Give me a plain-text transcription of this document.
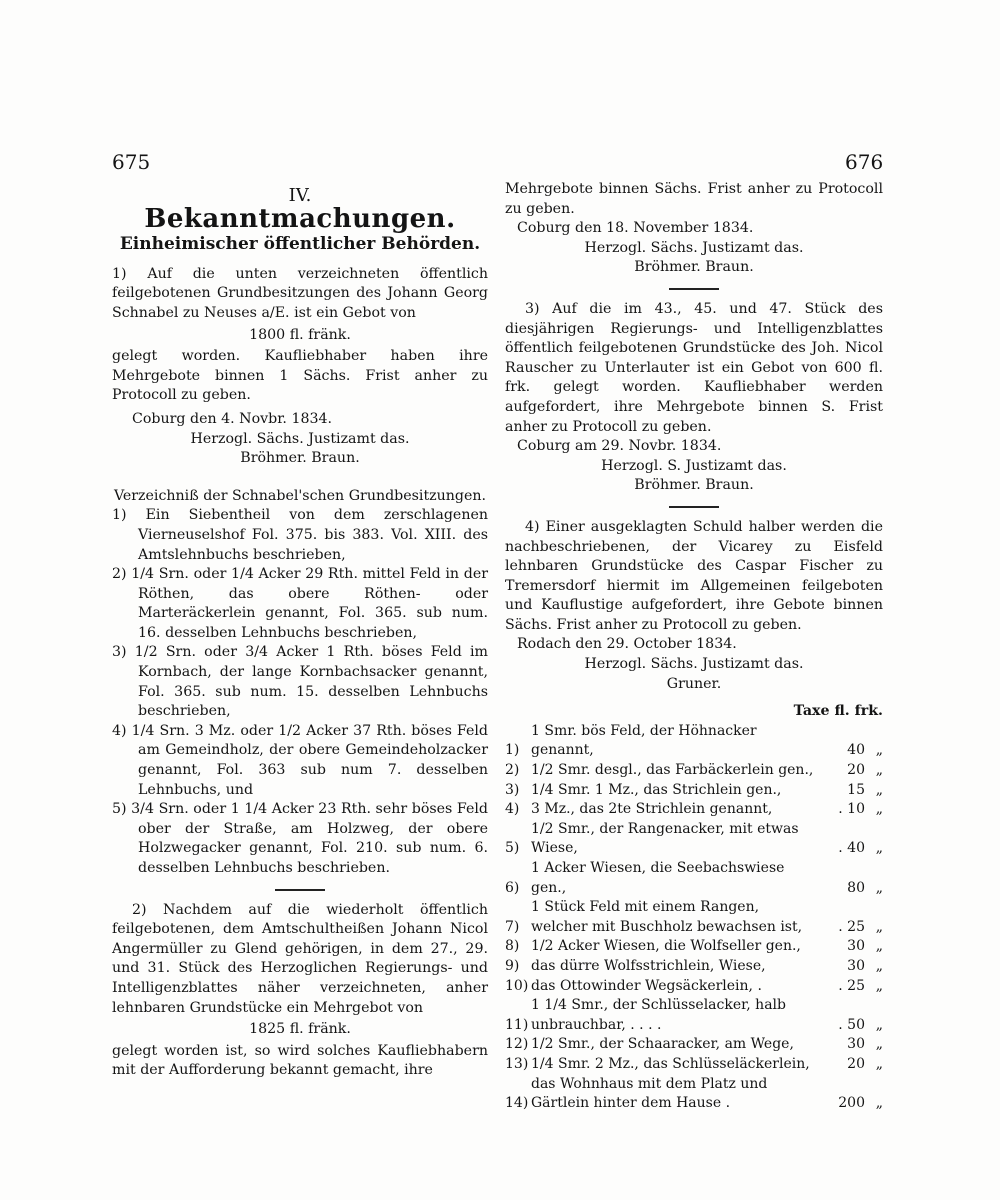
675	676

IV.

Bekanntmachungen.

Einheimischer öffentlicher Behörden.

1) Auf die unten verzeichneten öffentlich feilgebotenen Grundbesitzungen des Johann Georg Schnabel zu Neuses a/E. ist ein Gebot von

1800 fl. fränk.

gelegt worden. Kaufliebhaber haben ihre Mehrgebote binnen 1 Sächs. Frist anher zu Protocoll zu geben.

Coburg den 4. Novbr. 1834.

Herzogl. Sächs. Justizamt das.

Bröhmer. Braun.

Verzeichniß der Schnabel'schen Grundbesitzungen.

1) Ein Siebentheil von dem zerschlagenen Vierneuselshof Fol. 375. bis 383. Vol. XIII. des Amtslehnbuchs beschrieben,

2) 1/4 Srn. oder 1/4 Acker 29 Rth. mittel Feld in der Röthen, das obere Röthen- oder Marteräckerlein genannt, Fol. 365. sub num. 16. desselben Lehnbuchs beschrieben,

3) 1/2 Srn. oder 3/4 Acker 1 Rth. böses Feld im Kornbach, der lange Kornbachsacker genannt, Fol. 365. sub num. 15. desselben Lehnbuchs beschrieben,

4) 1/4 Srn. 3 Mz. oder 1/2 Acker 37 Rth. böses Feld am Gemeindholz, der obere Gemeindeholzacker genannt, Fol. 363 sub num 7. desselben Lehnbuchs, und

5) 3/4 Srn. oder 1 1/4 Acker 23 Rth. sehr böses Feld ober der Straße, am Holzweg, der obere Holzwegacker genannt, Fol. 210. sub num. 6. desselben Lehnbuchs beschrieben.

2) Nachdem auf die wiederholt öffentlich feilgebotenen, dem Amtschultheißen Johann Nicol Angermüller zu Glend gehörigen, in dem 27., 29. und 31. Stück des Herzoglichen Regierungs- und Intelligenzblattes näher verzeichneten, anher lehnbaren Grundstücke ein Mehrgebot von

1825 fl. fränk.

gelegt worden ist, so wird solches Kaufliebhabern mit der Aufforderung bekannt gemacht, ihre

Mehrgebote binnen Sächs. Frist anher zu Protocoll zu geben.

Coburg den 18. November 1834.

Herzogl. Sächs. Justizamt das.

Bröhmer. Braun.

3) Auf die im 43., 45. und 47. Stück des diesjährigen Regierungs- und Intelligenzblattes öffentlich feilgebotenen Grundstücke des Joh. Nicol Rauscher zu Unterlauter ist ein Gebot von 600 fl. frk. gelegt worden. Kaufliebhaber werden aufgefordert, ihre Mehrgebote binnen S. Frist anher zu Protocoll zu geben.

Coburg am 29. Novbr. 1834.

Herzogl. S. Justizamt das.

Bröhmer. Braun.

4) Einer ausgeklagten Schuld halber werden die nachbeschriebenen, der Vicarey zu Eisfeld lehnbaren Grundstücke des Caspar Fischer zu Tremersdorf hiermit im Allgemeinen feilgeboten und Kauflustige aufgefordert, ihre Gebote binnen Sächs. Frist anher zu Protocoll zu geben.

Rodach den 29. October 1834.

Herzogl. Sächs. Justizamt das.

Gruner.

Taxe fl. frk.

1)	1 Smr. bös Feld, der Höhnacker genannt,	40	„
2)	1/2 Smr. desgl., das Farbäckerlein gen.,	20	„
3)	1/4 Smr. 1 Mz., das Strichlein gen.,	15	„
4)	3 Mz., das 2te Strichlein genannt,	. 10	„
5)	1/2 Smr., der Rangenacker, mit etwas Wiese,	. 40	„
6)	1 Acker Wiesen, die Seebachswiese gen.,	80	„
7)	1 Stück Feld mit einem Rangen, welcher mit Buschholz bewachsen ist,	. 25	„
8)	1/2 Acker Wiesen, die Wolfseller gen.,	30	„
9)	das dürre Wolfsstrichlein, Wiese,	30	„
10)	das Ottowinder Wegsäckerlein, .	. 25	„
11)	1 1/4 Smr., der Schlüsselacker, halb unbrauchbar, . . . .	. 50	„
12)	1/2 Smr., der Schaaracker, am Wege,	30	„
13)	1/4 Smr. 2 Mz., das Schlüsseläckerlein,	20	„
14)	das Wohnhaus mit dem Platz und Gärtlein hinter dem Hause .	200	„
